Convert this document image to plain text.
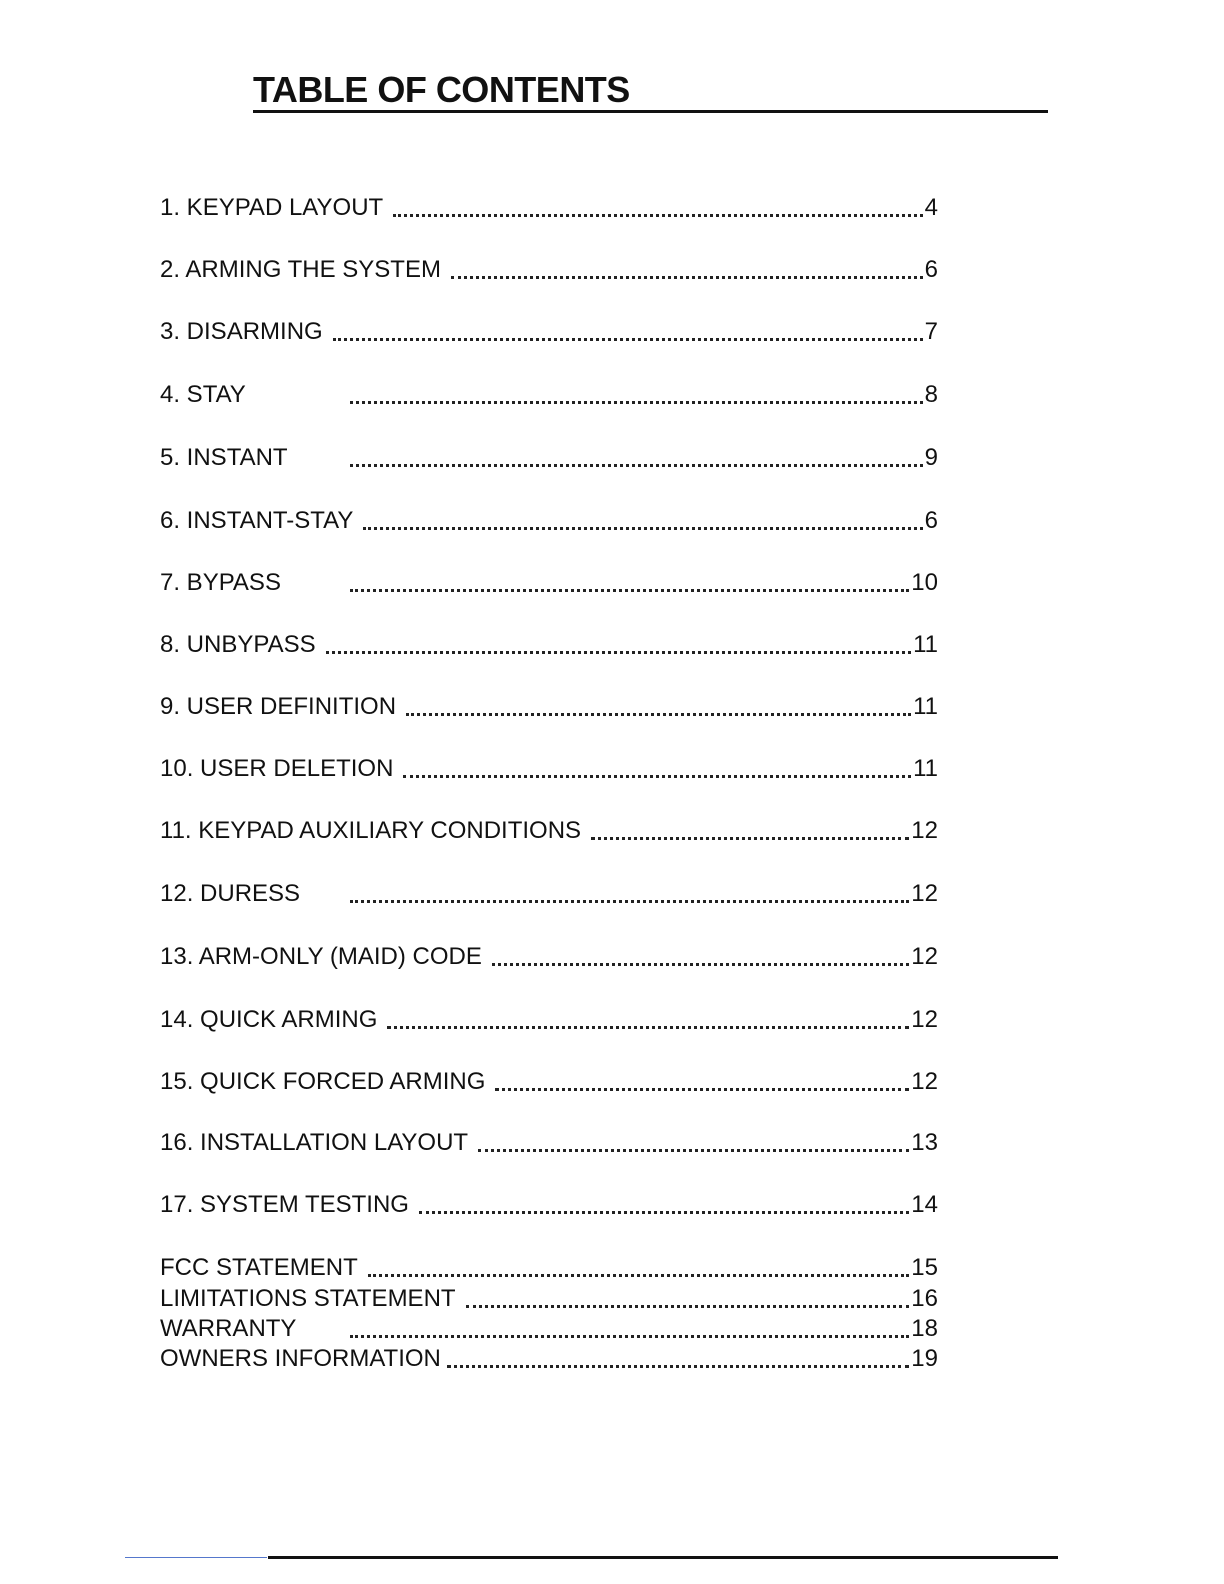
TABLE OF CONTENTS
1. KEYPAD LAYOUT	4
2. ARMING THE SYSTEM	6
3. DISARMING	7
4. STAY	8
5. INSTANT	9
6. INSTANT-STAY	6
7. BYPASS	10
8. UNBYPASS	11
9. USER DEFINITION	11
10. USER DELETION	11
11. KEYPAD AUXILIARY CONDITIONS	12
12. DURESS	12
13. ARM-ONLY (MAID) CODE	12
14. QUICK ARMING	12
15. QUICK FORCED ARMING	12
16. INSTALLATION LAYOUT	13
17. SYSTEM TESTING	14
FCC STATEMENT	15
LIMITATIONS STATEMENT	16
WARRANTY	18
OWNERS INFORMATION	19
